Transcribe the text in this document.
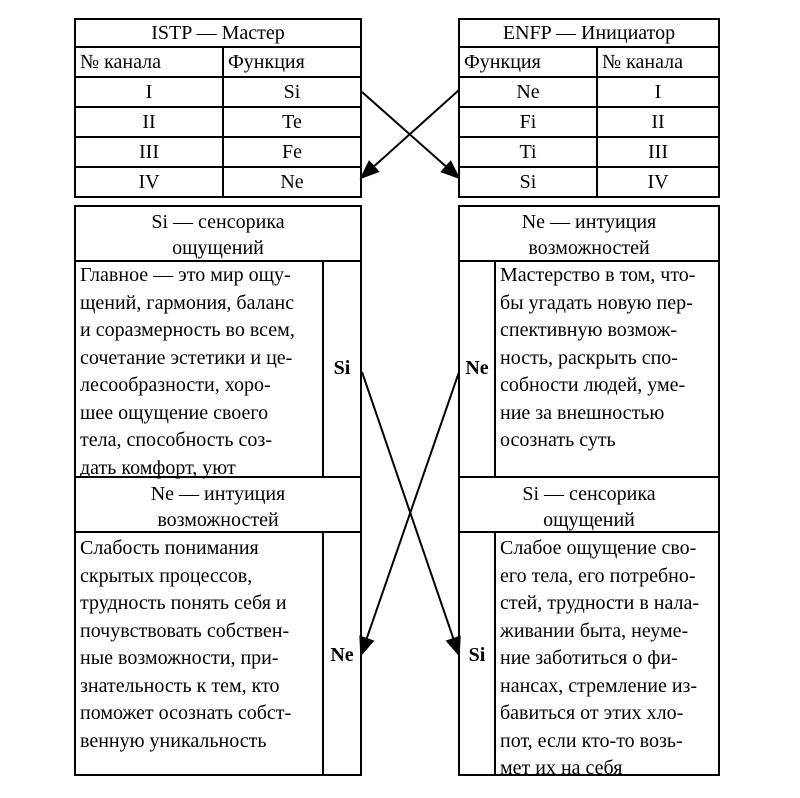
ISTP — Мастер	
№ канала	Функция
I	Si
II	Te
III	Fe
IV	Ne
ENFP — Инициатор	
Функция	№ канала
Ne	I
Fi	II
Ti	III
Si	IV
Si — сенсорика
ощущений
Главное — это мир ощу-
щений, гармония, баланс
и соразмерность во всем,
сочетание эстетики и це-
лесообразности, хоро-
шее ощущение своего
тела, способность соз-
дать комфорт, уют
Si
Ne — интуиция
возможностей
Слабость понимания
скрытых процессов,
трудность понять себя и
почувствовать собствен-
ные возможности, при-
знательность к тем, кто
поможет осознать собст-
венную уникальность
Ne
Ne — интуиция
возможностей
Ne
Мастерство в том, что-
бы угадать новую пер-
спективную возмож-
ность, раскрыть спо-
собности людей, уме-
ние за внешностью
осознать суть
Si — сенсорика
ощущений
Si
Слабое ощущение сво-
его тела, его потребно-
стей, трудности в нала-
живании быта, неуме-
ние заботиться о фи-
нансах, стремление из-
бавиться от этих хло-
пот, если кто-то возь-
мет их на себя
